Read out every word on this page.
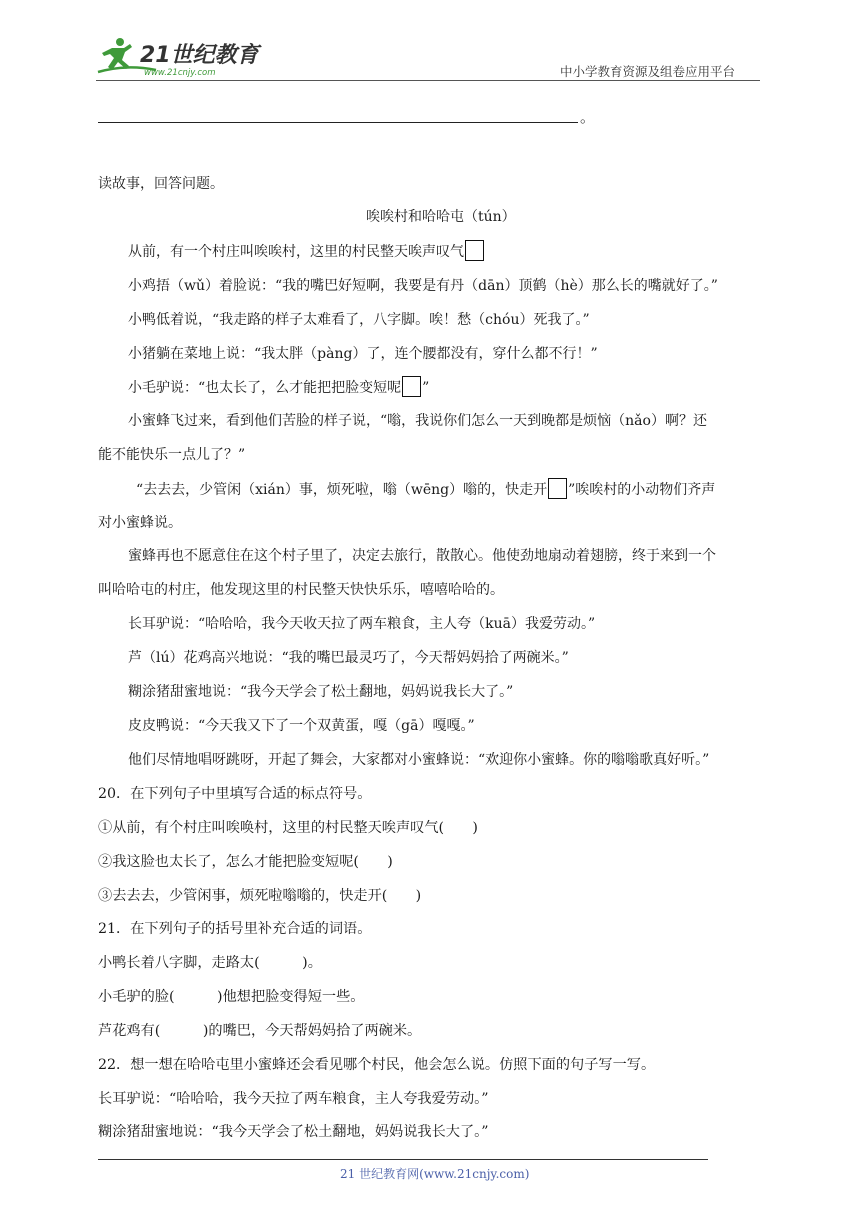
21世纪教育
www.21cnjy.com	中小学教育资源及组卷应用平台
。
读故事，回答问题。
唉唉村和哈哈屯（tún）
从前，有一个村庄叫唉唉村，这里的村民整天唉声叹气
小鸡捂（wǔ）着脸说：“我的嘴巴好短啊，我要是有丹（dān）顶鹤（hè）那么长的嘴就好了。”
小鸭低着说，“我走路的样子太难看了，八字脚。唉！愁（chóu）死我了。”
小猪躺在菜地上说：“我太胖（pàng）了，连个腰都没有，穿什么都不行！”
小毛驴说：“也太长了，么才能把把脸变短呢 ”
小蜜蜂飞过来，看到他们苦脸的样子说，“嗡，我说你们怎么一天到晚都是烦恼（nǎo）啊？还
能不能快乐一点儿了？”
“去去去，少管闲（xián）事，烦死啦，嗡（wēng）嗡的，快走开 ”唉唉村的小动物们齐声
对小蜜蜂说。
蜜蜂再也不愿意住在这个村子里了，决定去旅行，散散心。他使劲地扇动着翅膀，终于来到一个
叫哈哈屯的村庄，他发现这里的村民整天快快乐乐，嘻嘻哈哈的。
长耳驴说：“哈哈哈，我今天收天拉了两车粮食，主人夸（kuā）我爱劳动。”
芦（lú）花鸡高兴地说：“我的嘴巴最灵巧了，今天帮妈妈拾了两碗米。”
糊涂猪甜蜜地说：“我今天学会了松土翻地，妈妈说我长大了。”
皮皮鸭说：“今天我又下了一个双黄蛋，嘎（gā）嘎嘎。”
他们尽情地唱呀跳呀，开起了舞会，大家都对小蜜蜂说：“欢迎你小蜜蜂。你的嗡嗡歌真好听。”
20．在下列句子中里填写合适的标点符号。
①从前，有个村庄叫唉唤村，这里的村民整天唉声叹气(　　)
②我这脸也太长了，怎么才能把脸变短呢(　　)
③去去去，少管闲事，烦死啦嗡嗡的，快走开(　　)
21．在下列句子的括号里补充合适的词语。
小鸭长着八字脚，走路太(　　　)。
小毛驴的脸(　　　)他想把脸变得短一些。
芦花鸡有(　　　)的嘴巴，今天帮妈妈拾了两碗米。
22．想一想在哈哈屯里小蜜蜂还会看见哪个村民，他会怎么说。仿照下面的句子写一写。
长耳驴说：“哈哈哈，我今天拉了两车粮食，主人夸我爱劳动。”
糊涂猪甜蜜地说：“我今天学会了松土翻地，妈妈说我长大了。”
21 世纪教育网(www.21cnjy.com)
